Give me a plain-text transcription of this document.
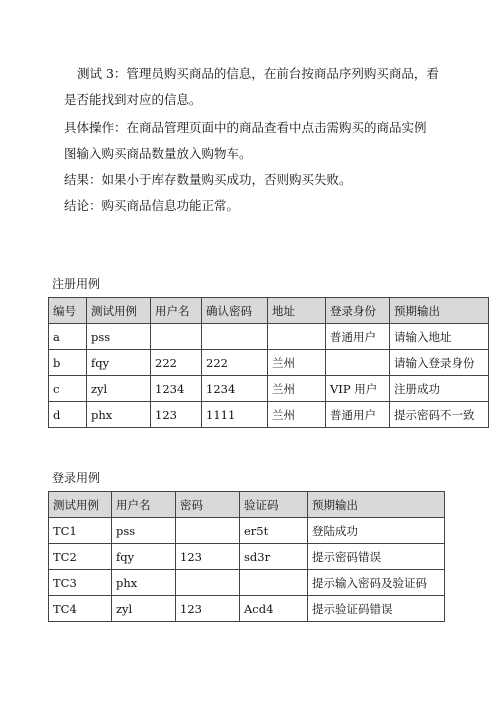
测试 3：管理员购买商品的信息，在前台按商品序列购买商品，看
是否能找到对应的信息。
具体操作：在商品管理页面中的商品查看中点击需购买的商品实例
图输入购买商品数量放入购物车。
结果：如果小于库存数量购买成功，否则购买失败。
结论：购买商品信息功能正常。
注册用例
编号	测试用例	用户名	确认密码	地址	登录身份	预期输出
a	pss				普通用户	请输入地址
b	fqy	222	222	兰州		请输入登录身份
c	zyl	1234	1234	兰州	VIP 用户	注册成功
d	phx	123	1111	兰州	普通用户	提示密码不一致
登录用例
测试用例	用户名	密码	验证码	预期输出
TC1	pss		er5t	登陆成功
TC2	fqy	123	sd3r	提示密码错误
TC3	phx			提示输入密码及验证码
TC4	zyl	123	Acd4	提示验证码错误
